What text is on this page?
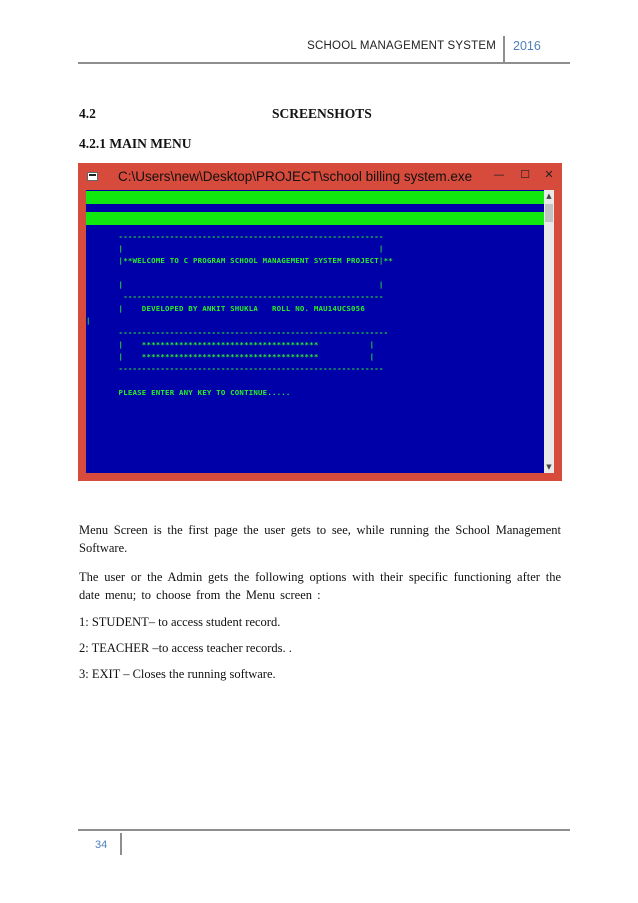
SCHOOL MANAGEMENT SYSTEM 2016
4.2	SCREENSHOTS
4.2.1 MAIN MENU
C:\Users\new\Desktop\PROJECT\school billing system.exe	—	☐	✕
---------------------------------------------------------
|                                                       |
|**WELCOME TO C PROGRAM SCHOOL MANAGEMENT SYSTEM PROJECT|**
|                                                       |
--------------------------------------------------------
|    DEVELOPED BY ANKIT SHUKLA   ROLL NO. MAU14UCS056
|
----------------------------------------------------------
|    **************************************           |
|    **************************************           |
---------------------------------------------------------
PLEASE ENTER ANY KEY TO CONTINUE.....
▲
▼
Menu Screen is the first page the user gets to see, while running the School Management Software.
The user or the Admin gets the following options with their specific functioning after the date menu; to choose from the Menu screen :
1: STUDENT– to access student record.
2: TEACHER –to access teacher records. .
3: EXIT – Closes the running software.
34
